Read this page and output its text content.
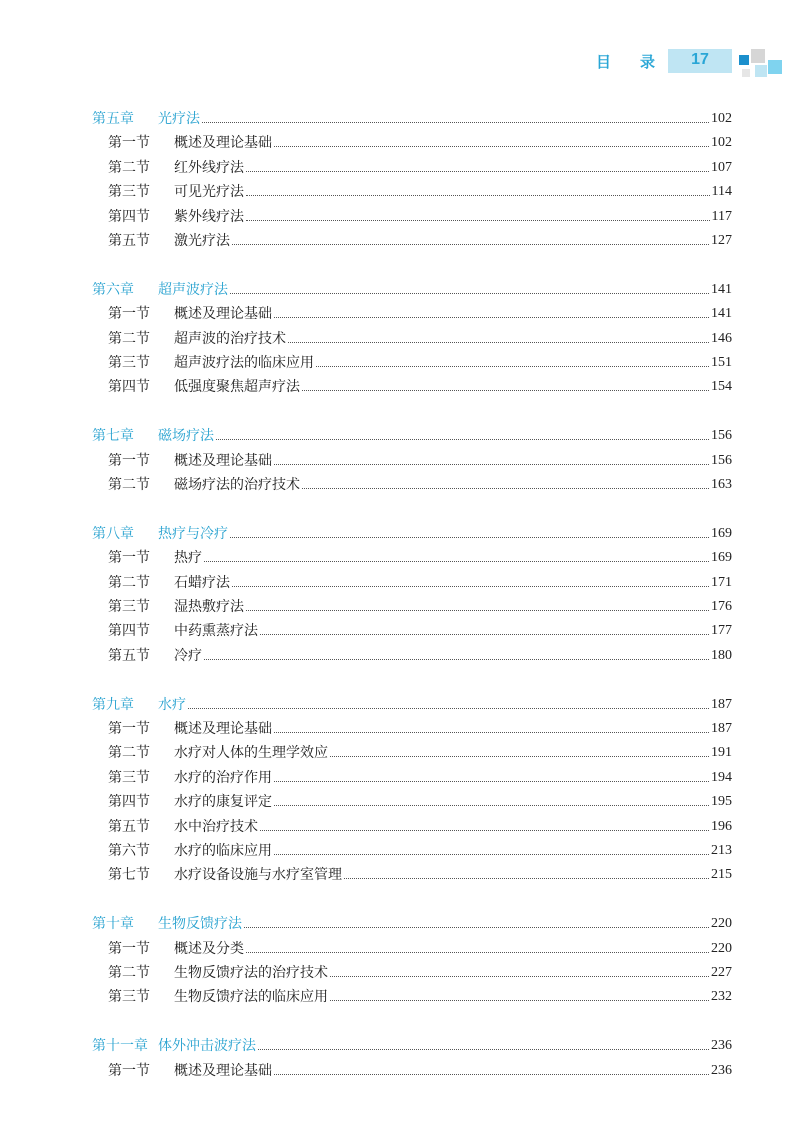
目 录	17
第五章	光疗法	102
第一节	概述及理论基础	102
第二节	红外线疗法	107
第三节	可见光疗法	114
第四节	紫外线疗法	117
第五节	激光疗法	127
第六章	超声波疗法	141
第一节	概述及理论基础	141
第二节	超声波的治疗技术	146
第三节	超声波疗法的临床应用	151
第四节	低强度聚焦超声疗法	154
第七章	磁场疗法	156
第一节	概述及理论基础	156
第二节	磁场疗法的治疗技术	163
第八章	热疗与冷疗	169
第一节	热疗	169
第二节	石蜡疗法	171
第三节	湿热敷疗法	176
第四节	中药熏蒸疗法	177
第五节	冷疗	180
第九章	水疗	187
第一节	概述及理论基础	187
第二节	水疗对人体的生理学效应	191
第三节	水疗的治疗作用	194
第四节	水疗的康复评定	195
第五节	水中治疗技术	196
第六节	水疗的临床应用	213
第七节	水疗设备设施与水疗室管理	215
第十章	生物反馈疗法	220
第一节	概述及分类	220
第二节	生物反馈疗法的治疗技术	227
第三节	生物反馈疗法的临床应用	232
第十一章 体外冲击波疗法	236
第一节	概述及理论基础	236
